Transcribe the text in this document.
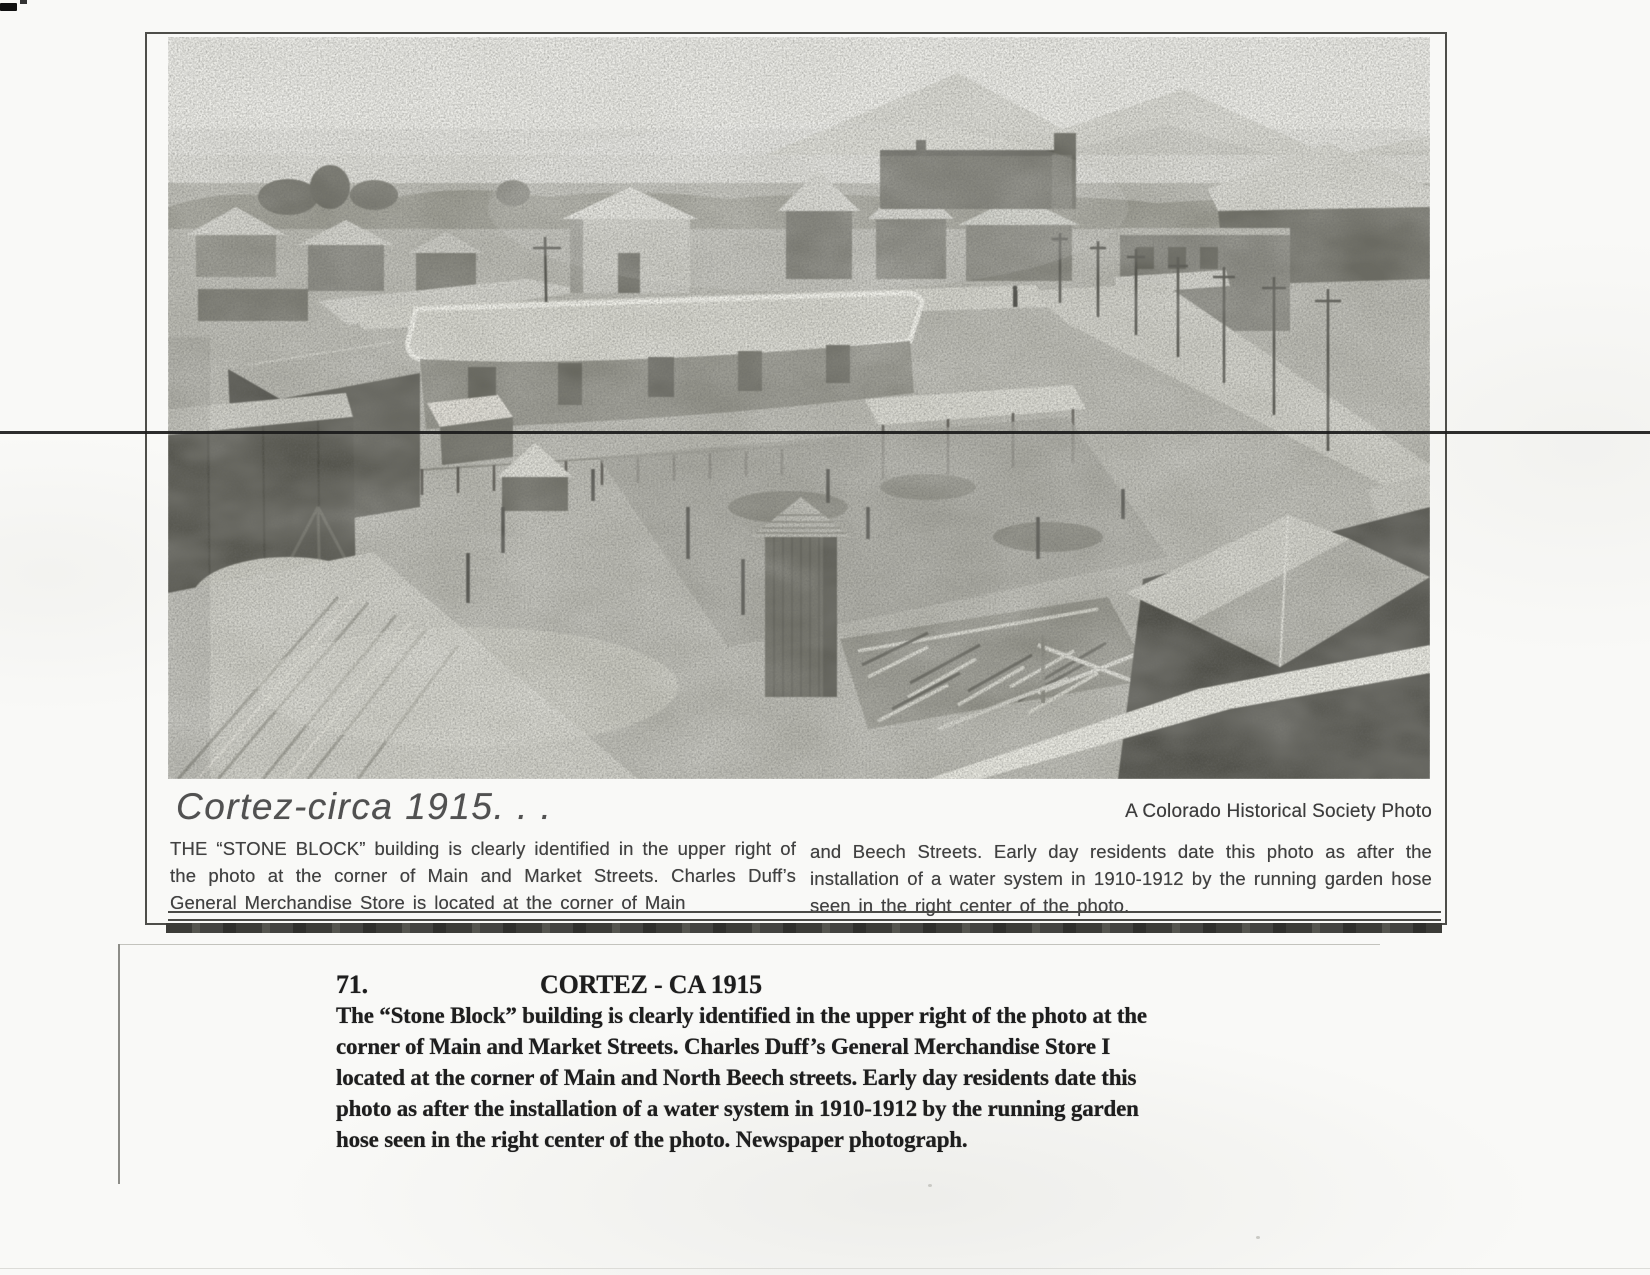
Cortez-circa 1915. . .	A Colorado Historical Society Photo
THE “STONE BLOCK” building is clearly identified in the upper right of the photo at the corner of Main and Market Streets. Charles Duff’s General Merchandise Store is located at the corner of Main
and Beech Streets. Early day residents date this photo as after the installation of a water system in 1910-1912 by the running garden hose seen in the right center of the photo.
71.	CORTEZ - CA 1915
The “Stone Block” building is clearly identified in the upper right of the photo at the
corner of Main and Market Streets. Charles Duff’s General Merchandise Store I
located at the corner of Main and North Beech streets. Early day residents date this
photo as after the installation of a water system in 1910-1912 by the running garden
hose seen in the right center of the photo. Newspaper photograph.
